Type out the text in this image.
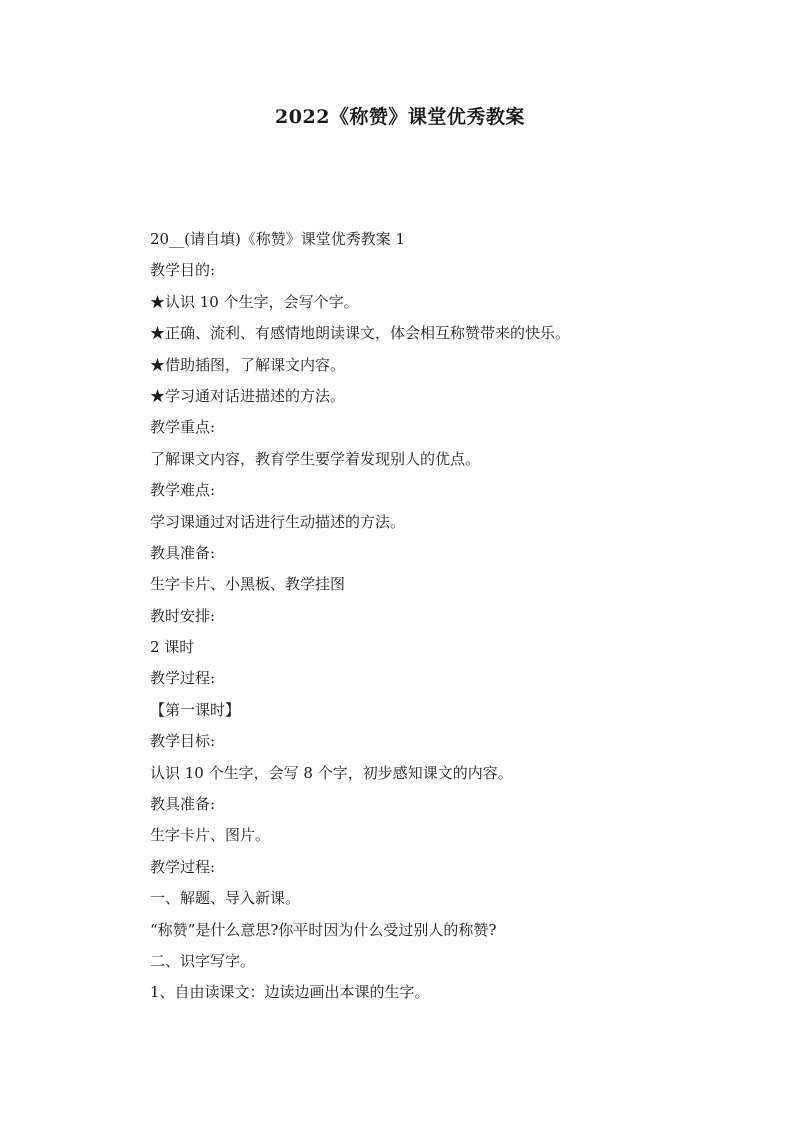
2022《称赞》课堂优秀教案
20__(请自填)《称赞》课堂优秀教案 1
教学目的:
★认识 10 个生字，会写个字。
★正确、流利、有感情地朗读课文，体会相互称赞带来的快乐。
★借助插图，了解课文内容。
★学习通对话进描述的方法。
教学重点:
了解课文内容，教育学生要学着发现别人的优点。
教学难点:
学习课通过对话进行生动描述的方法。
教具准备:
生字卡片、小黑板、教学挂图
教时安排:
2 课时
教学过程:
【第一课时】
教学目标:
认识 10 个生字，会写 8 个字，初步感知课文的内容。
教具准备:
生字卡片、图片。
教学过程:
一、解题、导入新课。
“称赞”是什么意思?你平时因为什么受过别人的称赞?
二、识字写字。
1、自由读课文：边读边画出本课的生字。
